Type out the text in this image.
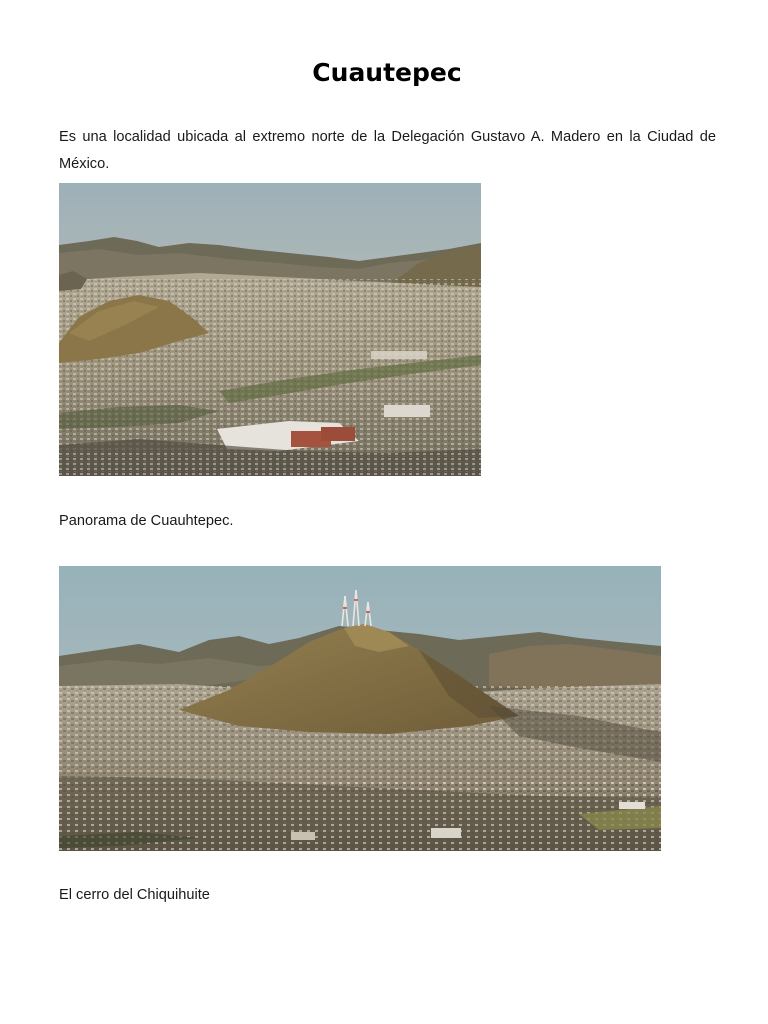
Cuautepec

Es una localidad ubicada al extremo norte de la Delegación Gustavo A. Madero en la Ciudad de México.

Panorama de Cuauhtepec.

El cerro del Chiquihuite
